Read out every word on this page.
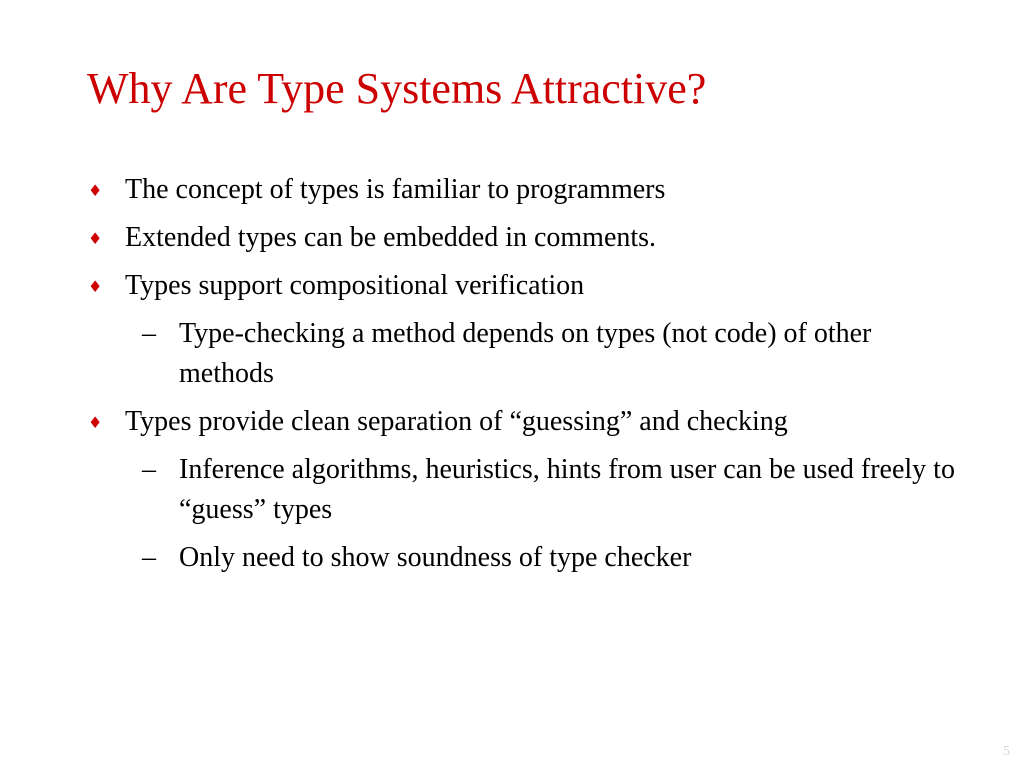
Why Are Type Systems Attractive?
♦ The concept of types is familiar to programmers
♦ Extended types can be embedded in comments.
♦ Types support compositional verification
– Type-checking a method depends on types (not code) of other methods
♦ Types provide clean separation of “guessing” and checking
– Inference algorithms, heuristics, hints from user can be used freely to “guess” types
– Only need to show soundness of type checker
5
